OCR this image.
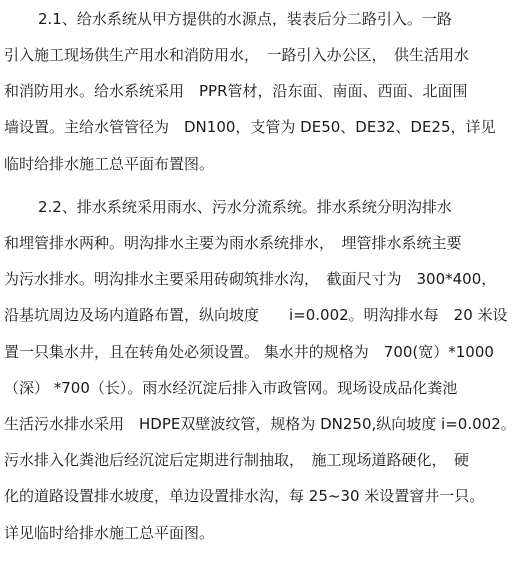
2.1、给水系统从甲方提供的水源点，装表后分二路引入。一路
引入施工现场供生产用水和消防用水，　一路引入办公区，　供生活用水
和消防用水。给水系统采用　PPR管材，沿东面、南面、西面、北面围
墙设置。主给水管管径为　DN100，支管为 DE50、DE32、DE25，详见
临时给排水施工总平面布置图。
2.2、排水系统采用雨水、污水分流系统。排水系统分明沟排水
和埋管排水两种。明沟排水主要为雨水系统排水，　埋管排水系统主要
为污水排水。明沟排水主要采用砖砌筑排水沟，　截面尺寸为　300*400，
沿基坑周边及场内道路布置，纵向坡度　　i=0.002。明沟排水每　20 米设
置一只集水井，且在转角处必须设置。 集水井的规格为　700(宽）*1000
（深） *700（长）。雨水经沉淀后排入市政管网。现场设成品化粪池
生活污水排水采用　HDPE双壁波纹管，规格为 DN250,纵向坡度 i=0.002。
污水排入化粪池后经沉淀后定期进行制抽取，　施工现场道路硬化，　硬
化的道路设置排水坡度，单边设置排水沟，每 25~30 米设置窨井一只。
详见临时给排水施工总平面图。
